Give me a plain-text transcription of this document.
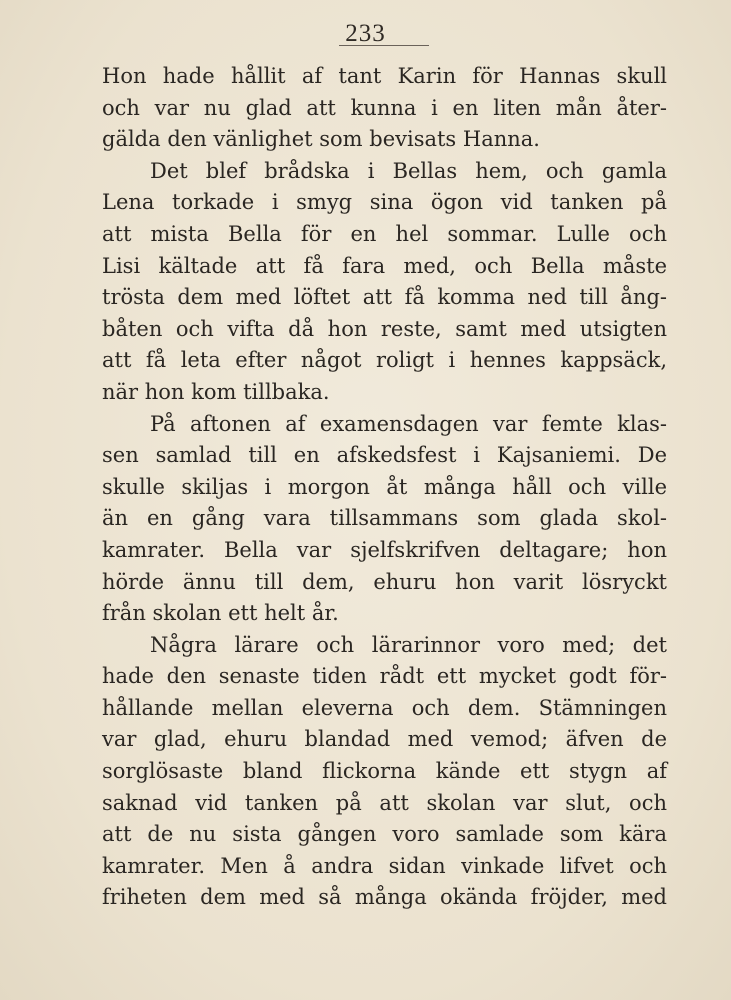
233
Hon hade hållit af tant Karin för Hannas skull
och var nu glad att kunna i en liten mån åter-
gälda den vänlighet som bevisats Hanna.
Det blef brådska i Bellas hem, och gamla
Lena torkade i smyg sina ögon vid tanken på
att mista Bella för en hel sommar. Lulle och
Lisi kältade att få fara med, och Bella måste
trösta dem med löftet att få komma ned till ång-
båten och vifta då hon reste, samt med utsigten
att få leta efter något roligt i hennes kappsäck,
när hon kom tillbaka.
På aftonen af examensdagen var femte klas-
sen samlad till en afskedsfest i Kajsaniemi. De
skulle skiljas i morgon åt många håll och ville
än en gång vara tillsammans som glada skol-
kamrater. Bella var sjelfskrifven deltagare; hon
hörde ännu till dem, ehuru hon varit lösryckt
från skolan ett helt år.
Några lärare och lärarinnor voro med; det
hade den senaste tiden rådt ett mycket godt för-
hållande mellan eleverna och dem. Stämningen
var glad, ehuru blandad med vemod; äfven de
sorglösaste bland flickorna kände ett stygn af
saknad vid tanken på att skolan var slut, och
att de nu sista gången voro samlade som kära
kamrater. Men å andra sidan vinkade lifvet och
friheten dem med så många okända fröjder, med
